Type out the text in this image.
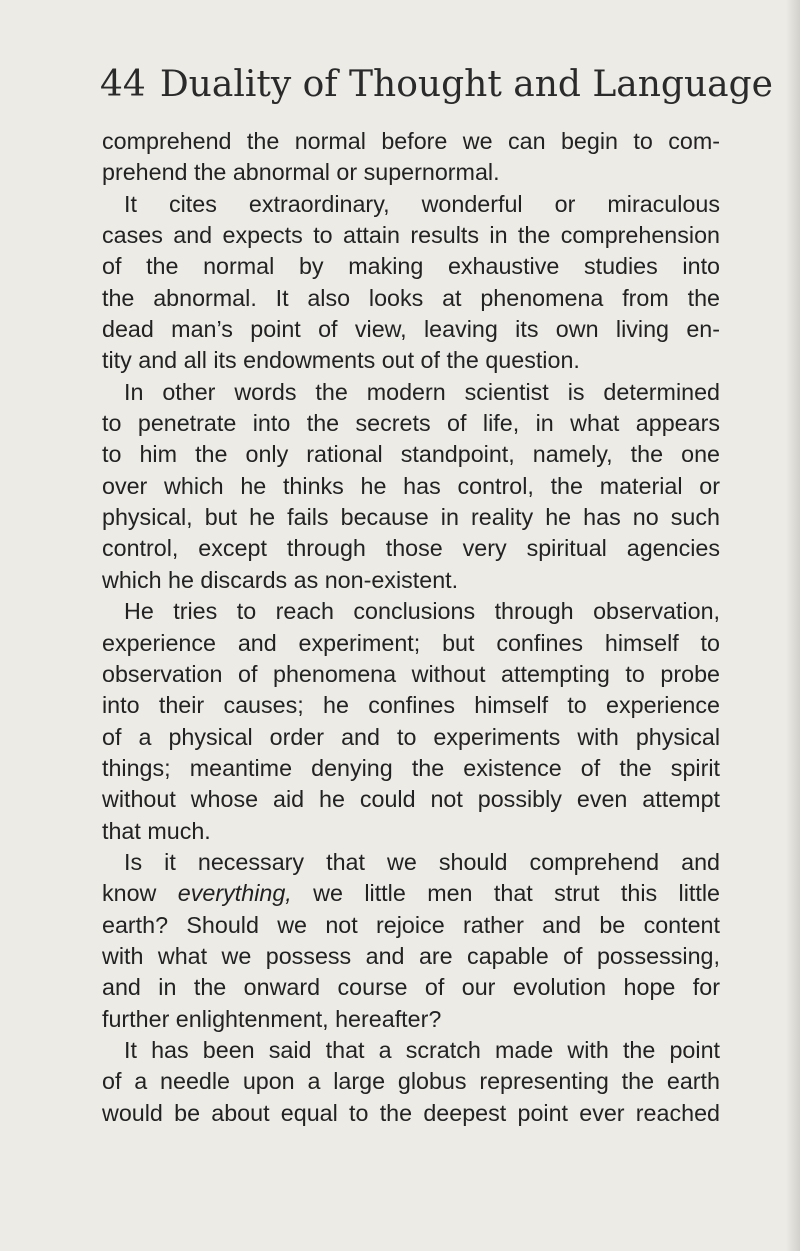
44 Duality of Thought and Language
comprehend the normal before we can begin to com-
prehend the abnormal or supernormal.
It cites extraordinary, wonderful or miraculous
cases and expects to attain results in the comprehension
of the normal by making exhaustive studies into
the abnormal. It also looks at phenomena from the
dead man’s point of view, leaving its own living en-
tity and all its endowments out of the question.
In other words the modern scientist is determined
to penetrate into the secrets of life, in what appears
to him the only rational standpoint, namely, the one
over which he thinks he has control, the material or
physical, but he fails because in reality he has no such
control, except through those very spiritual agencies
which he discards as non-existent.
He tries to reach conclusions through observation,
experience and experiment; but confines himself to
observation of phenomena without attempting to probe
into their causes; he confines himself to experience
of a physical order and to experiments with physical
things; meantime denying the existence of the spirit
without whose aid he could not possibly even attempt
that much.
Is it necessary that we should comprehend and
know everything, we little men that strut this little
earth? Should we not rejoice rather and be content
with what we possess and are capable of possessing,
and in the onward course of our evolution hope for
further enlightenment, hereafter?
It has been said that a scratch made with the point
of a needle upon a large globus representing the earth
would be about equal to the deepest point ever reached
